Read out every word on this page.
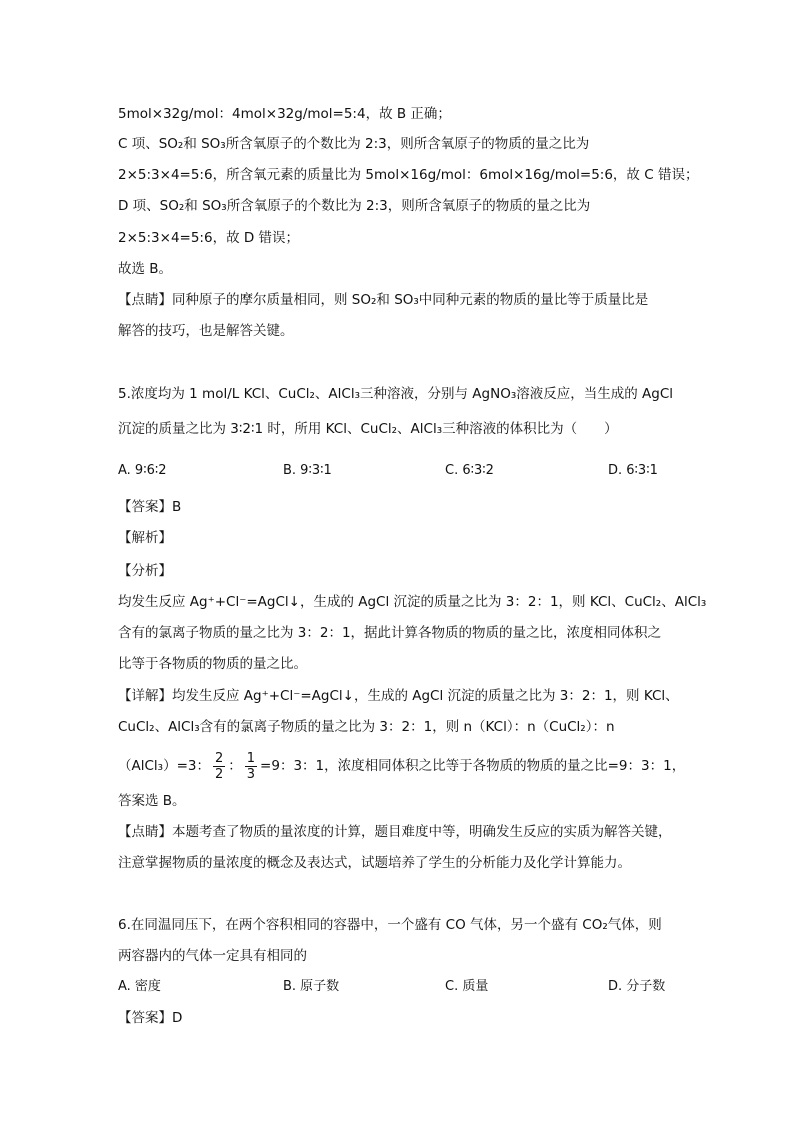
5mol×32g/mol：4mol×32g/mol=5:4，故 B 正确；
C 项、SO₂和 SO₃所含氧原子的个数比为 2:3，则所含氧原子的物质的量之比为
2×5:3×4=5:6，所含氧元素的质量比为 5mol×16g/mol：6mol×16g/mol=5:6，故 C 错误；
D 项、SO₂和 SO₃所含氧原子的个数比为 2:3，则所含氧原子的物质的量之比为
2×5:3×4=5:6，故 D 错误；
故选 B。
【点睛】同种原子的摩尔质量相同，则 SO₂和 SO₃中同种元素的物质的量比等于质量比是
解答的技巧，也是解答关键。
5.浓度均为 1 mol/L KCl、CuCl₂、AlCl₃三种溶液，分别与 AgNO₃溶液反应，当生成的 AgCl
沉淀的质量之比为 3∶2∶1 时，所用 KCl、CuCl₂、AlCl₃三种溶液的体积比为（　　）
A. 9∶6∶2	B. 9∶3∶1	C. 6∶3∶2	D. 6∶3∶1
【答案】B
【解析】
【分析】
均发生反应 Ag⁺+Cl⁻=AgCl↓，生成的 AgCl 沉淀的质量之比为 3：2：1，则 KCl、CuCl₂、AlCl₃
含有的氯离子物质的量之比为 3：2：1，据此计算各物质的物质的量之比，浓度相同体积之
比等于各物质的物质的量之比。
【详解】均发生反应 Ag⁺+Cl⁻=AgCl↓，生成的 AgCl 沉淀的质量之比为 3：2：1，则 KCl、
CuCl₂、AlCl₃含有的氯离子物质的量之比为 3：2：1，则 n（KCl）：n（CuCl₂）：n
（AlCl₃）=3： $\frac{2}{2}$ ： $\frac{1}{3} =9$：3：1，浓度相同体积之比等于各物质的物质的量之比=9：3：1，
答案选 B。
【点睛】本题考查了物质的量浓度的计算，题目难度中等，明确发生反应的实质为解答关键，
注意掌握物质的量浓度的概念及表达式，试题培养了学生的分析能力及化学计算能力。
6.在同温同压下，在两个容积相同的容器中，一个盛有 CO 气体，另一个盛有 CO₂气体，则
两容器内的气体一定具有相同的
A. 密度	B. 原子数	C. 质量	D. 分子数
【答案】D
